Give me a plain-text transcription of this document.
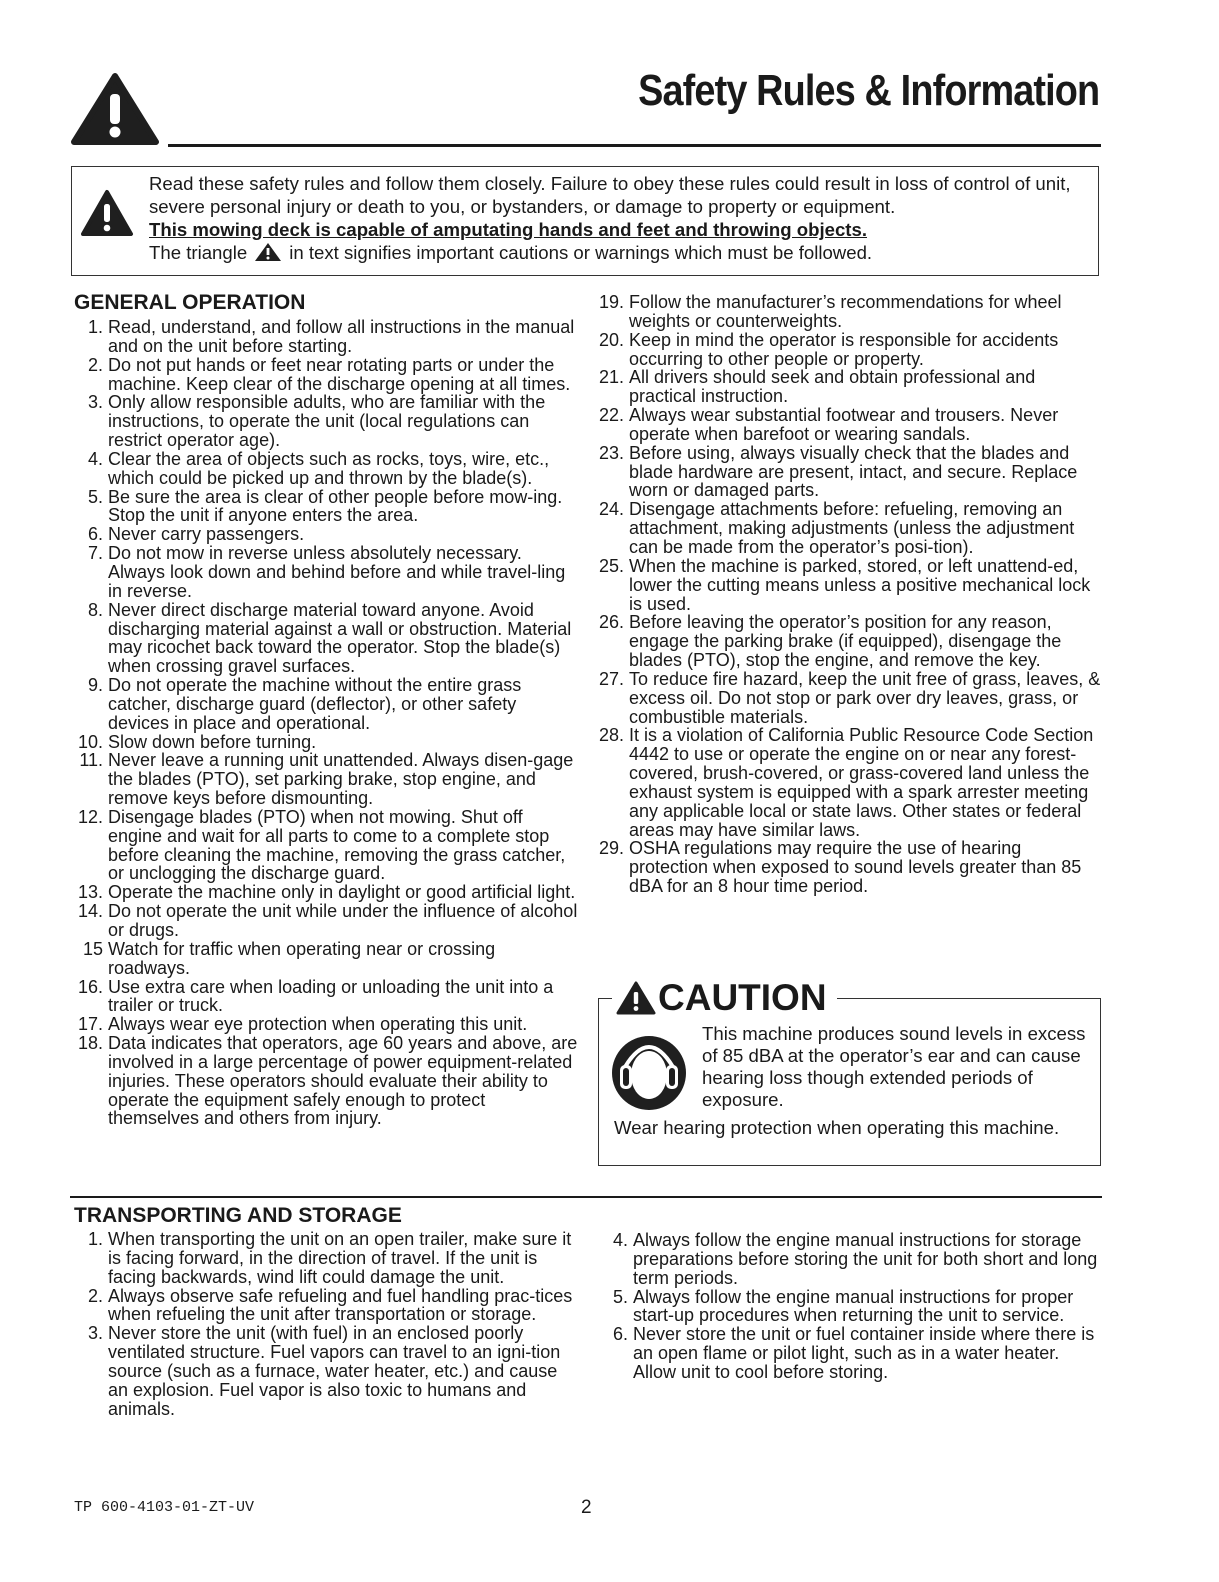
Safety Rules & Information
Read these safety rules and follow them closely. Failure to obey these rules could result in loss of control of unit, severe personal injury or death to you, or bystanders, or damage to property or equipment.
This mowing deck is capable of amputating hands and feet and throwing objects.
The triangle in text signifies important cautions or warnings which must be followed.
GENERAL OPERATION
1. Read, understand, and follow all instructions in the manual and on the unit before starting.
2. Do not put hands or feet near rotating parts or under the machine. Keep clear of the discharge opening at all times.
3. Only allow responsible adults, who are familiar with the instructions, to operate the unit (local regulations can restrict operator age).
4. Clear the area of objects such as rocks, toys, wire, etc., which could be picked up and thrown by the blade(s).
5. Be sure the area is clear of other people before mow-ing. Stop the unit if anyone enters the area.
6. Never carry passengers.
7. Do not mow in reverse unless absolutely necessary. Always look down and behind before and while travel-ling in reverse.
8. Never direct discharge material toward anyone. Avoid discharging material against a wall or obstruction. Material may ricochet back toward the operator. Stop the blade(s) when crossing gravel surfaces.
9. Do not operate the machine without the entire grass catcher, discharge guard (deflector), or other safety devices in place and operational.
10. Slow down before turning.
11. Never leave a running unit unattended. Always disen-gage the blades (PTO), set parking brake, stop engine, and remove keys before dismounting.
12. Disengage blades (PTO) when not mowing. Shut off engine and wait for all parts to come to a complete stop before cleaning the machine, removing the grass catcher, or unclogging the discharge guard.
13. Operate the machine only in daylight or good artificial light.
14. Do not operate the unit while under the influence of alcohol or drugs.
15 Watch for traffic when operating near or crossing roadways.
16. Use extra care when loading or unloading the unit into a trailer or truck.
17. Always wear eye protection when operating this unit.
18. Data indicates that operators, age 60 years and above, are involved in a large percentage of power equipment-related injuries. These operators should evaluate their ability to operate the equipment safely enough to protect themselves and others from injury.
19. Follow the manufacturer’s recommendations for wheel weights or counterweights.
20. Keep in mind the operator is responsible for accidents occurring to other people or property.
21. All drivers should seek and obtain professional and practical instruction.
22. Always wear substantial footwear and trousers. Never operate when barefoot or wearing sandals.
23. Before using, always visually check that the blades and blade hardware are present, intact, and secure. Replace worn or damaged parts.
24. Disengage attachments before: refueling, removing an attachment, making adjustments (unless the adjustment can be made from the operator’s posi-tion).
25. When the machine is parked, stored, or left unattend-ed, lower the cutting means unless a positive mechanical lock is used.
26. Before leaving the operator’s position for any reason, engage the parking brake (if equipped), disengage the blades (PTO), stop the engine, and remove the key.
27. To reduce fire hazard, keep the unit free of grass, leaves, & excess oil. Do not stop or park over dry leaves, grass, or combustible materials.
28. It is a violation of California Public Resource Code Section 4442 to use or operate the engine on or near any forest-covered, brush-covered, or grass-covered land unless the exhaust system is equipped with a spark arrester meeting any applicable local or state laws. Other states or federal areas may have similar laws.
29. OSHA regulations may require the use of hearing protection when exposed to sound levels greater than 85 dBA for an 8 hour time period.
This machine produces sound levels in excess of 85 dBA at the operator’s ear and can cause hearing loss though extended periods of exposure.
Wear hearing protection when operating this machine.
CAUTION
TRANSPORTING AND STORAGE
1. When transporting the unit on an open trailer, make sure it is facing forward, in the direction of travel. If the unit is facing backwards, wind lift could damage the unit.
2. Always observe safe refueling and fuel handling prac-tices when refueling the unit after transportation or storage.
3. Never store the unit (with fuel) in an enclosed poorly ventilated structure. Fuel vapors can travel to an igni-tion source (such as a furnace, water heater, etc.) and cause an explosion. Fuel vapor is also toxic to humans and animals.
4. Always follow the engine manual instructions for storage preparations before storing the unit for both short and long term periods.
5. Always follow the engine manual instructions for proper start-up procedures when returning the unit to service.
6. Never store the unit or fuel container inside where there is an open flame or pilot light, such as in a water heater. Allow unit to cool before storing.
TP 600-4103-01-ZT-UV	2
